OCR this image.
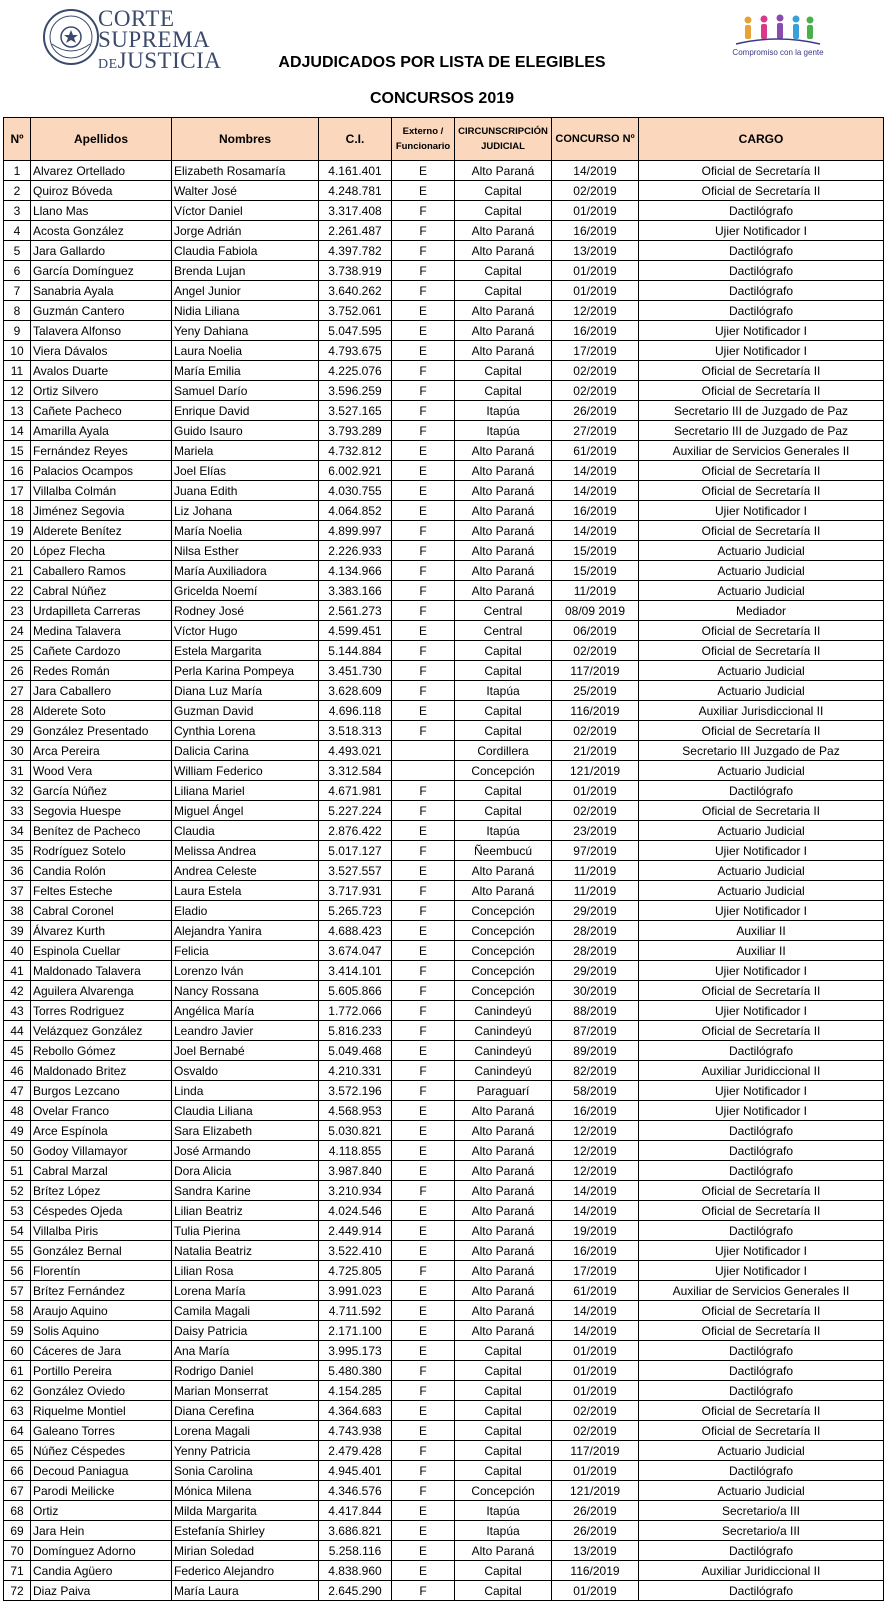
CORTE
SUPREMA
DEJUSTICIA	ADJUDICADOS POR LISTA DE ELEGIBLES
CONCURSOS 2019
Compromiso con la gente
Nº	Apellidos	Nombres	C.I.	Externo /
Funcionario	CIRCUNSCRIPCIÓN
JUDICIAL	CONCURSO Nº	CARGO
1	Alvarez Ortellado	Elizabeth Rosamaría	4.161.401	E	Alto Paraná	14/2019	Oficial de Secretaría II
2	Quiroz Bóveda	Walter José	4.248.781	E	Capital	02/2019	Oficial de Secretaría II
3	Llano Mas	Víctor Daniel	3.317.408	F	Capital	01/2019	Dactilógrafo
4	Acosta González	Jorge Adrián	2.261.487	F	Alto Paraná	16/2019	Ujier Notificador I
5	Jara Gallardo	Claudia Fabiola	4.397.782	F	Alto Paraná	13/2019	Dactilógrafo
6	García Domínguez	Brenda Lujan	3.738.919	F	Capital	01/2019	Dactilógrafo
7	Sanabria Ayala	Angel Junior	3.640.262	F	Capital	01/2019	Dactilógrafo
8	Guzmán Cantero	Nidia Liliana	3.752.061	E	Alto Paraná	12/2019	Dactilógrafo
9	Talavera Alfonso	Yeny Dahiana	5.047.595	E	Alto Paraná	16/2019	Ujier Notificador I
10	Viera Dávalos	Laura Noelia	4.793.675	E	Alto Paraná	17/2019	Ujier Notificador I
11	Avalos Duarte	María Emilia	4.225.076	F	Capital	02/2019	Oficial de Secretaría II
12	Ortiz Silvero	Samuel Darío	3.596.259	F	Capital	02/2019	Oficial de Secretaría II
13	Cañete Pacheco	Enrique David	3.527.165	F	Itapúa	26/2019	Secretario III de Juzgado de Paz
14	Amarilla Ayala	Guido Isauro	3.793.289	F	Itapúa	27/2019	Secretario III de Juzgado de Paz
15	Fernández Reyes	Mariela	4.732.812	E	Alto Paraná	61/2019	Auxiliar de Servicios Generales II
16	Palacios Ocampos	Joel Elías	6.002.921	E	Alto Paraná	14/2019	Oficial de Secretaría II
17	Villalba Colmán	Juana Edith	4.030.755	E	Alto Paraná	14/2019	Oficial de Secretaría II
18	Jiménez Segovia	Liz Johana	4.064.852	E	Alto Paraná	16/2019	Ujier Notificador I
19	Alderete Benítez	María Noelia	4.899.997	F	Alto Paraná	14/2019	Oficial de Secretaría II
20	López Flecha	Nilsa Esther	2.226.933	F	Alto Paraná	15/2019	Actuario Judicial
21	Caballero Ramos	María Auxiliadora	4.134.966	F	Alto Paraná	15/2019	Actuario Judicial
22	Cabral Núñez	Gricelda Noemí	3.383.166	F	Alto Paraná	11/2019	Actuario Judicial
23	Urdapilleta Carreras	Rodney José	2.561.273	F	Central	08/09 2019	Mediador
24	Medina Talavera	Víctor Hugo	4.599.451	E	Central	06/2019	Oficial de Secretaría II
25	Cañete Cardozo	Estela Margarita	5.144.884	F	Capital	02/2019	Oficial de Secretaría II
26	Redes Román	Perla Karina Pompeya	3.451.730	F	Capital	117/2019	Actuario Judicial
27	Jara Caballero	Diana Luz María	3.628.609	F	Itapúa	25/2019	Actuario Judicial
28	Alderete Soto	Guzman David	4.696.118	E	Capital	116/2019	Auxiliar Jurisdiccional II
29	González Presentado	Cynthia Lorena	3.518.313	F	Capital	02/2019	Oficial de Secretaría II
30	Arca Pereira	Dalicia Carina	4.493.021		Cordillera	21/2019	Secretario III Juzgado de Paz
31	Wood Vera	William Federico	3.312.584		Concepción	121/2019	Actuario Judicial
32	García Núñez	Liliana Mariel	4.671.981	F	Capital	01/2019	Dactilógrafo
33	Segovia Huespe	Miguel Ángel	5.227.224	F	Capital	02/2019	Oficial de Secretaria II
34	Benítez de Pacheco	Claudia	2.876.422	E	Itapúa	23/2019	Actuario Judicial
35	Rodríguez Sotelo	Melissa Andrea	5.017.127	F	Ñeembucú	97/2019	Ujier Notificador I
36	Candia Rolón	Andrea Celeste	3.527.557	E	Alto Paraná	11/2019	Actuario Judicial
37	Feltes Esteche	Laura Estela	3.717.931	F	Alto Paraná	11/2019	Actuario Judicial
38	Cabral Coronel	Eladio	5.265.723	F	Concepción	29/2019	Ujier Notificador I
39	Álvarez Kurth	Alejandra Yanira	4.688.423	E	Concepción	28/2019	Auxiliar II
40	Espinola Cuellar	Felicia	3.674.047	E	Concepción	28/2019	Auxiliar II
41	Maldonado Talavera	Lorenzo Iván	3.414.101	F	Concepción	29/2019	Ujier Notificador I
42	Aguilera Alvarenga	Nancy Rossana	5.605.866	F	Concepción	30/2019	Oficial de Secretaría II
43	Torres Rodriguez	Angélica María	1.772.066	F	Canindeyú	88/2019	Ujier Notificador I
44	Velázquez González	Leandro Javier	5.816.233	F	Canindeyú	87/2019	Oficial de Secretaría II
45	Rebollo Gómez	Joel Bernabé	5.049.468	E	Canindeyú	89/2019	Dactilógrafo
46	Maldonado Britez	Osvaldo	4.210.331	F	Canindeyú	82/2019	Auxiliar Juridiccional II
47	Burgos Lezcano	Linda	3.572.196	F	Paraguarí	58/2019	Ujier Notificador I
48	Ovelar Franco	Claudia Liliana	4.568.953	E	Alto Paraná	16/2019	Ujier Notificador I
49	Arce Espínola	Sara Elizabeth	5.030.821	E	Alto Paraná	12/2019	Dactilógrafo
50	Godoy Villamayor	José Armando	4.118.855	E	Alto Paraná	12/2019	Dactilógrafo
51	Cabral Marzal	Dora Alicia	3.987.840	E	Alto Paraná	12/2019	Dactilógrafo
52	Brítez López	Sandra Karine	3.210.934	F	Alto Paraná	14/2019	Oficial de Secretaría II
53	Céspedes Ojeda	Lilian Beatriz	4.024.546	E	Alto Paraná	14/2019	Oficial de Secretaría II
54	Villalba Piris	Tulia Pierina	2.449.914	E	Alto Paraná	19/2019	Dactilógrafo
55	González Bernal	Natalia Beatriz	3.522.410	E	Alto Paraná	16/2019	Ujier Notificador I
56	Florentín	Lilian Rosa	4.725.805	F	Alto Paraná	17/2019	Ujier Notificador I
57	Brítez Fernández	Lorena María	3.991.023	E	Alto Paraná	61/2019	Auxiliar de Servicios Generales II
58	Araujo Aquino	Camila Magali	4.711.592	E	Alto Paraná	14/2019	Oficial de Secretaría II
59	Solis Aquino	Daisy Patricia	2.171.100	E	Alto Paraná	14/2019	Oficial de Secretaría II
60	Cáceres de Jara	Ana María	3.995.173	E	Capital	01/2019	Dactilógrafo
61	Portillo Pereira	Rodrigo Daniel	5.480.380	F	Capital	01/2019	Dactilógrafo
62	González Oviedo	Marian Monserrat	4.154.285	F	Capital	01/2019	Dactilógrafo
63	Riquelme Montiel	Diana Cerefina	4.364.683	E	Capital	02/2019	Oficial de Secretaría II
64	Galeano Torres	Lorena Magali	4.743.938	E	Capital	02/2019	Oficial de Secretaría II
65	Núñez Céspedes	Yenny Patricia	2.479.428	F	Capital	117/2019	Actuario Judicial
66	Decoud Paniagua	Sonia Carolina	4.945.401	F	Capital	01/2019	Dactilógrafo
67	Parodi Meilicke	Mónica Milena	4.346.576	F	Concepción	121/2019	Actuario Judicial
68	Ortiz	Milda Margarita	4.417.844	E	Itapúa	26/2019	Secretario/a III
69	Jara Hein	Estefanía Shirley	3.686.821	E	Itapúa	26/2019	Secretario/a III
70	Domínguez Adorno	Mirian Soledad	5.258.116	E	Alto Paraná	13/2019	Dactilógrafo
71	Candia Agüero	Federico Alejandro	4.838.960	E	Capital	116/2019	Auxiliar Juridiccional II
72	Diaz Paiva	María Laura	2.645.290	F	Capital	01/2019	Dactilógrafo
